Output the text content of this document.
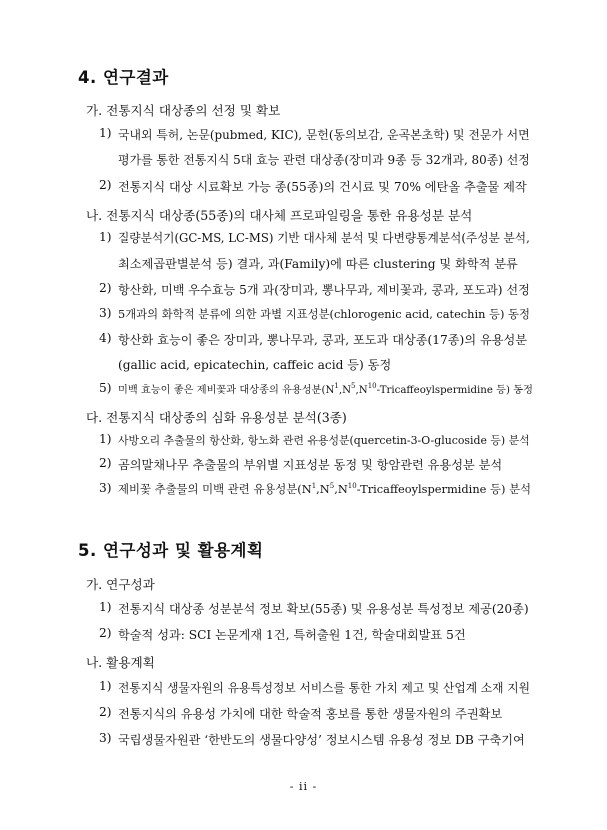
4. 연구결과

가. 전통지식 대상종의 선정 및 확보

1) 국내외 특허, 논문(pubmed, KIC), 문헌(동의보감, 운곡본초학) 및 전문가 서면
평가를 통한 전통지식 5대 효능 관련 대상종(장미과 9종 등 32개과, 80종) 선정
2) 전통지식 대상 시료확보 가능 종(55종)의 건시료 및 70% 에탄올 추출물 제작

나. 전통지식 대상종(55종)의 대사체 프로파일링을 통한 유용성분 분석

1) 질량분석기(GC-MS, LC-MS) 기반 대사체 분석 및 다변량통계분석(주성분 분석,
최소제곱판별분석 등) 결과, 과(Family)에 따른 clustering 및 화학적 분류
2) 항산화, 미백 우수효능 5개 과(장미과, 뽕나무과, 제비꽃과, 콩과, 포도과) 선정
3) 5개과의 화학적 분류에 의한 과별 지표성분(chlorogenic acid, catechin 등) 동정
4) 항산화 효능이 좋은 장미과, 뽕나무과, 콩과, 포도과 대상종(17종)의 유용성분
(gallic acid, epicatechin, caffeic acid 등) 동정
5) 미백 효능이 좋은 제비꽃과 대상종의 유용성분($N^1,N^5,N^{10}$-Tricaffeoylspermidine 등) 동정

다. 전통지식 대상종의 심화 유용성분 분석(3종)

1) 사방오리 추출물의 항산화, 항노화 관련 유용성분(quercetin-3-O-glucoside 등) 분석
2) 곰의말채나무 추출물의 부위별 지표성분 동정 및 항암관련 유용성분 분석
3) 제비꽃 추출물의 미백 관련 유용성분($N^1,N^5,N^{10}$-Tricaffeoylspermidine 등) 분석
5. 연구성과 및 활용계획

가. 연구성과

1) 전통지식 대상종 성분분석 정보 확보(55종) 및 유용성분 특성정보 제공(20종)
2) 학술적 성과: SCI 논문게재 1건, 특허출원 1건, 학술대회발표 5건

나. 활용계획

1) 전통지식 생물자원의 유용특성정보 서비스를 통한 가치 제고 및 산업계 소재 지원
2) 전통지식의 유용성 가치에 대한 학술적 홍보를 통한 생물자원의 주권확보
3) 국립생물자원관 ‘한반도의 생물다양성’ 정보시스템 유용성 정보 DB 구축기여
- ii -
